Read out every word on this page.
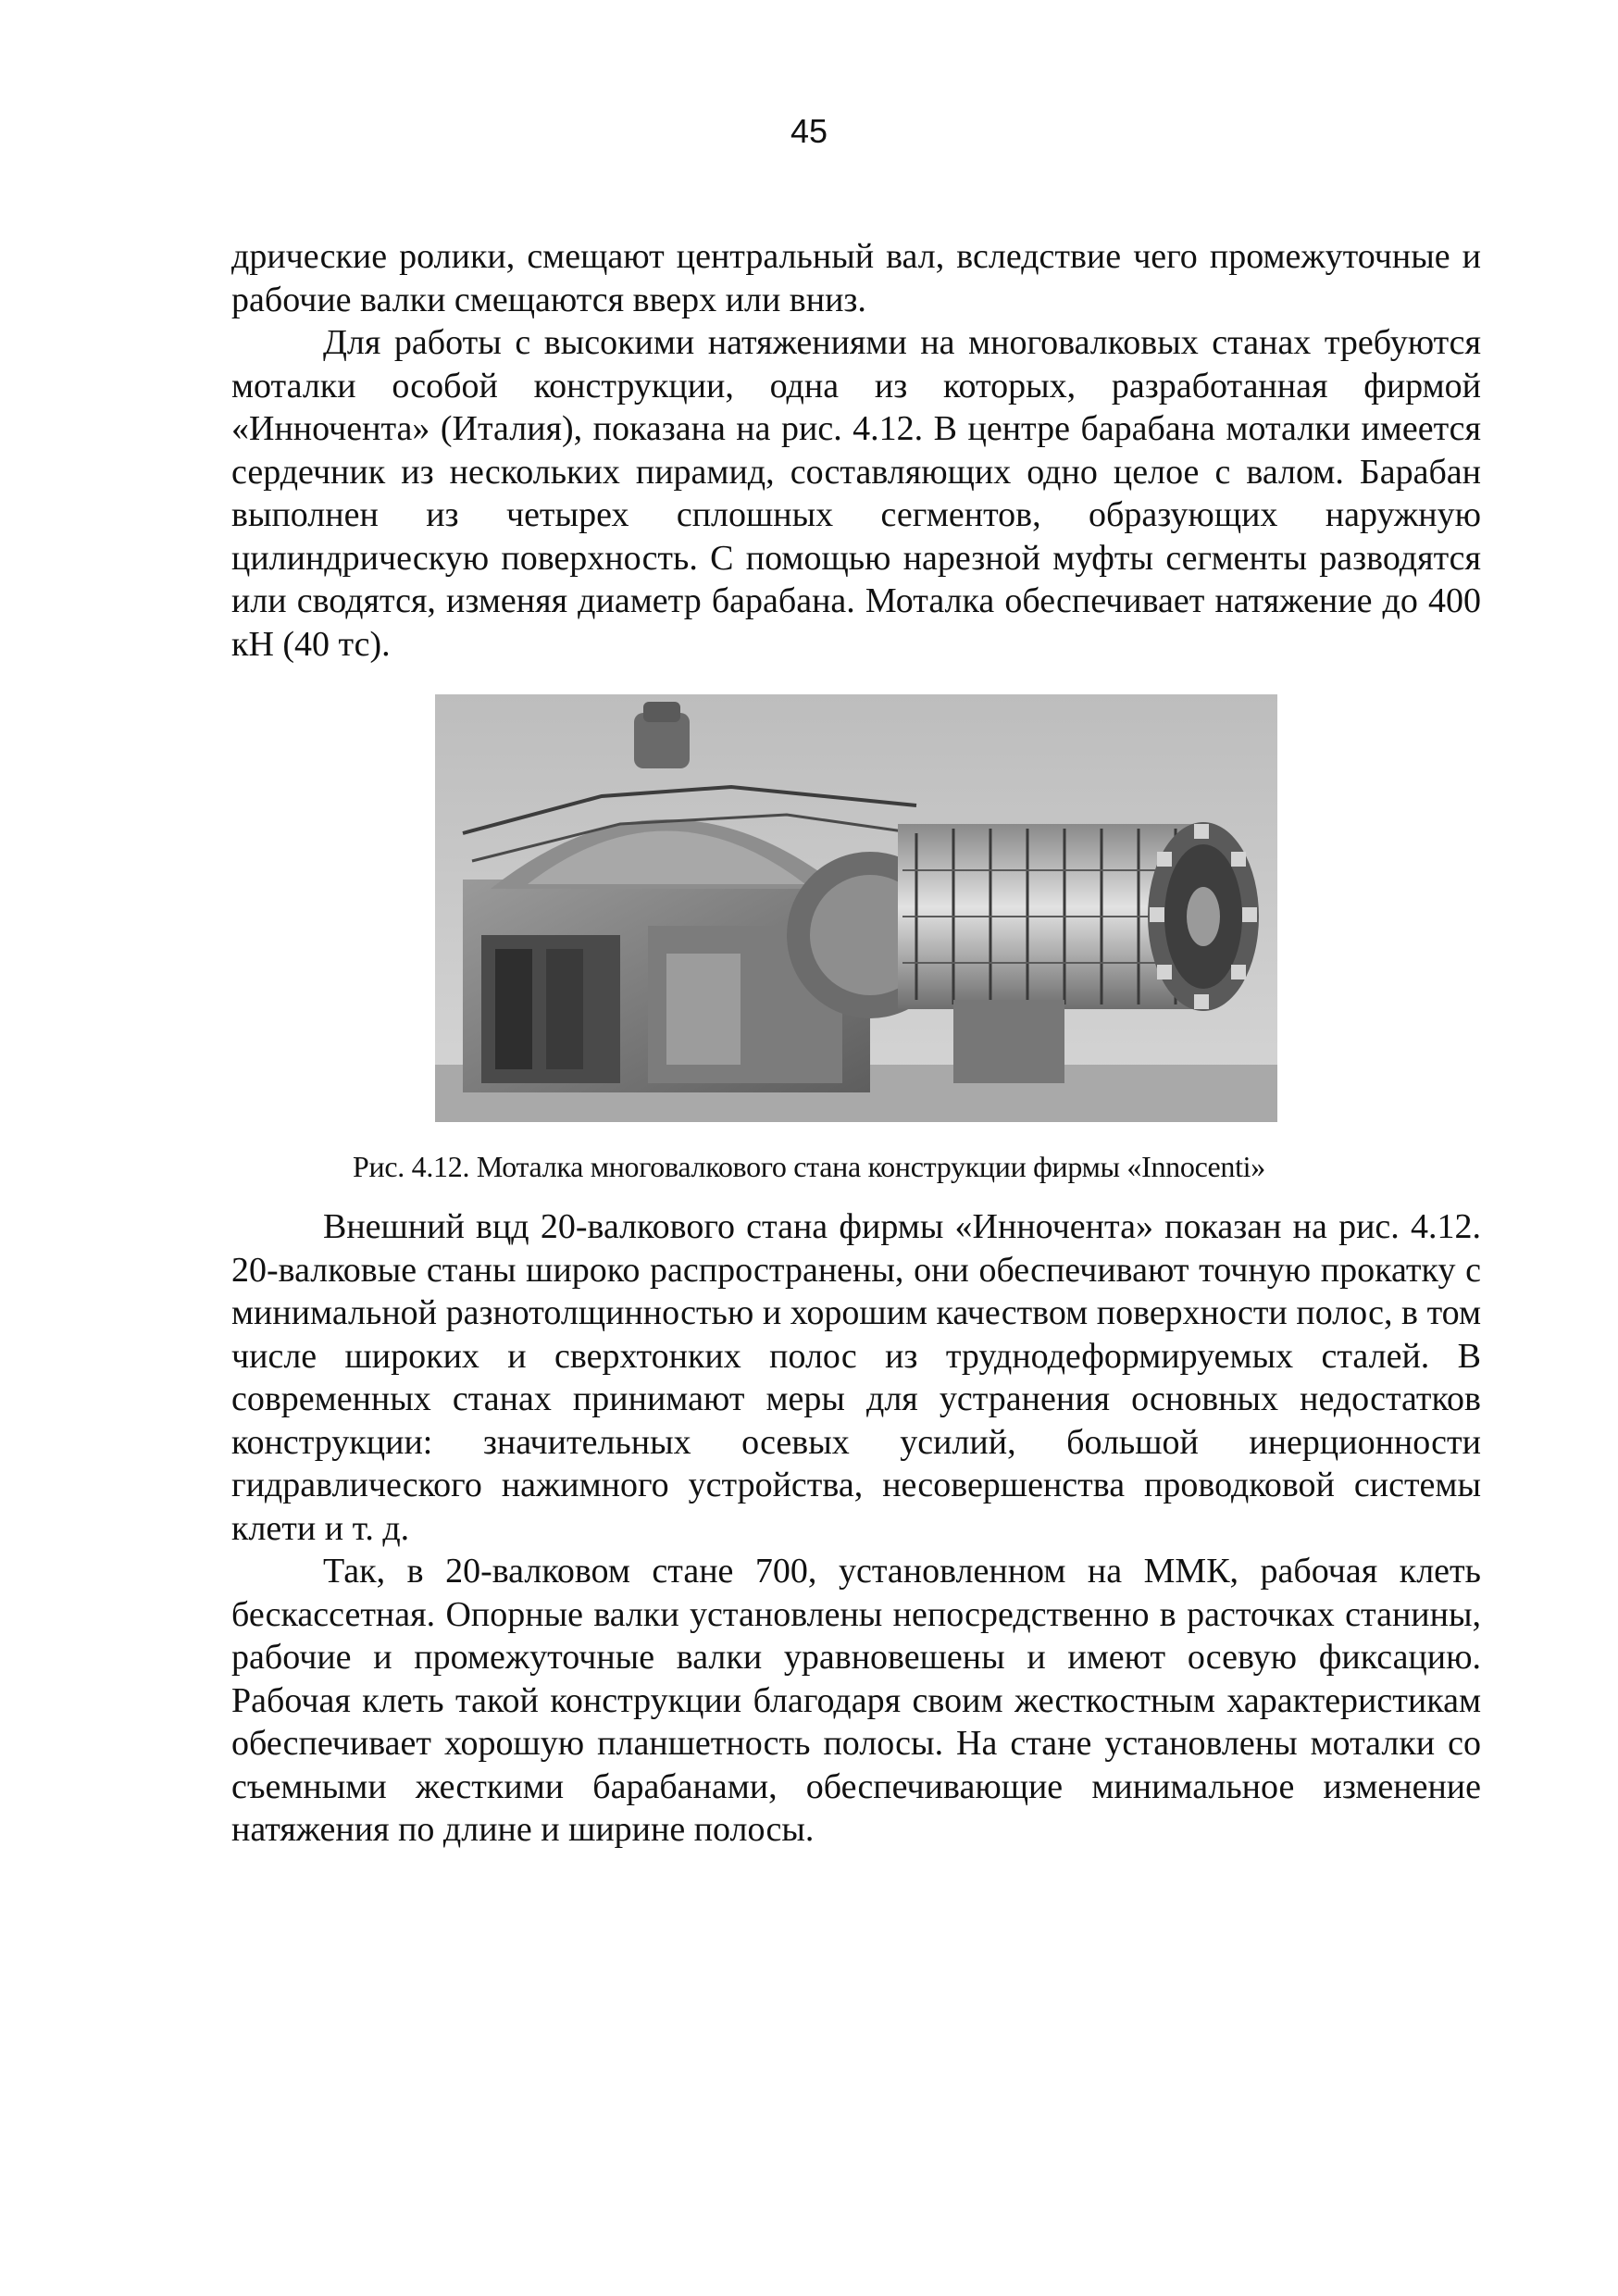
45

дрические ролики, смещают центральный вал, вследствие чего промежуточные и рабочие валки смещаются вверх или вниз.

Для работы с высокими натяжениями на многовалковых станах требуются моталки особой конструкции, одна из которых, разработанная фирмой «Инночента» (Италия), показана на рис. 4.12. В центре барабана моталки имеется сердечник из нескольких пирамид, составляющих одно целое с валом. Барабан выполнен из четырех сплошных сегментов, образующих наружную цилиндрическую поверхность. С помощью нарезной муфты сегменты разводятся или сводятся, изменяя диаметр барабана. Моталка обеспечивает натяжение до 400 кН (40 тс).

Рис. 4.12. Моталка многовалкового стана конструкции фирмы «Innocenti»

Внешний вцд 20-валкового стана фирмы «Инночента» показан на рис. 4.12. 20-валковые станы широко распространены, они обеспечивают точную прокатку с минимальной разнотолщинностью и хорошим качеством поверхности полос, в том числе широких и сверхтонких полос из труднодеформируемых сталей. В современных станах принимают меры для устранения основных недостатков конструкции: значительных осевых усилий, большой инерционности гидравлического нажимного устройства, несовершенства проводковой системы клети и т. д.

Так, в 20-валковом стане 700, установленном на ММК, рабочая клеть бескассетная. Опорные валки установлены непосредственно в расточках станины, рабочие и промежуточные валки уравновешены и имеют осевую фиксацию. Рабочая клеть такой конструкции благодаря своим жесткостным характеристикам обеспечивает хорошую планшетность полосы. На стане установлены моталки со съемными жесткими барабанами, обеспечивающие минимальное изменение натяжения по длине и ширине полосы.
